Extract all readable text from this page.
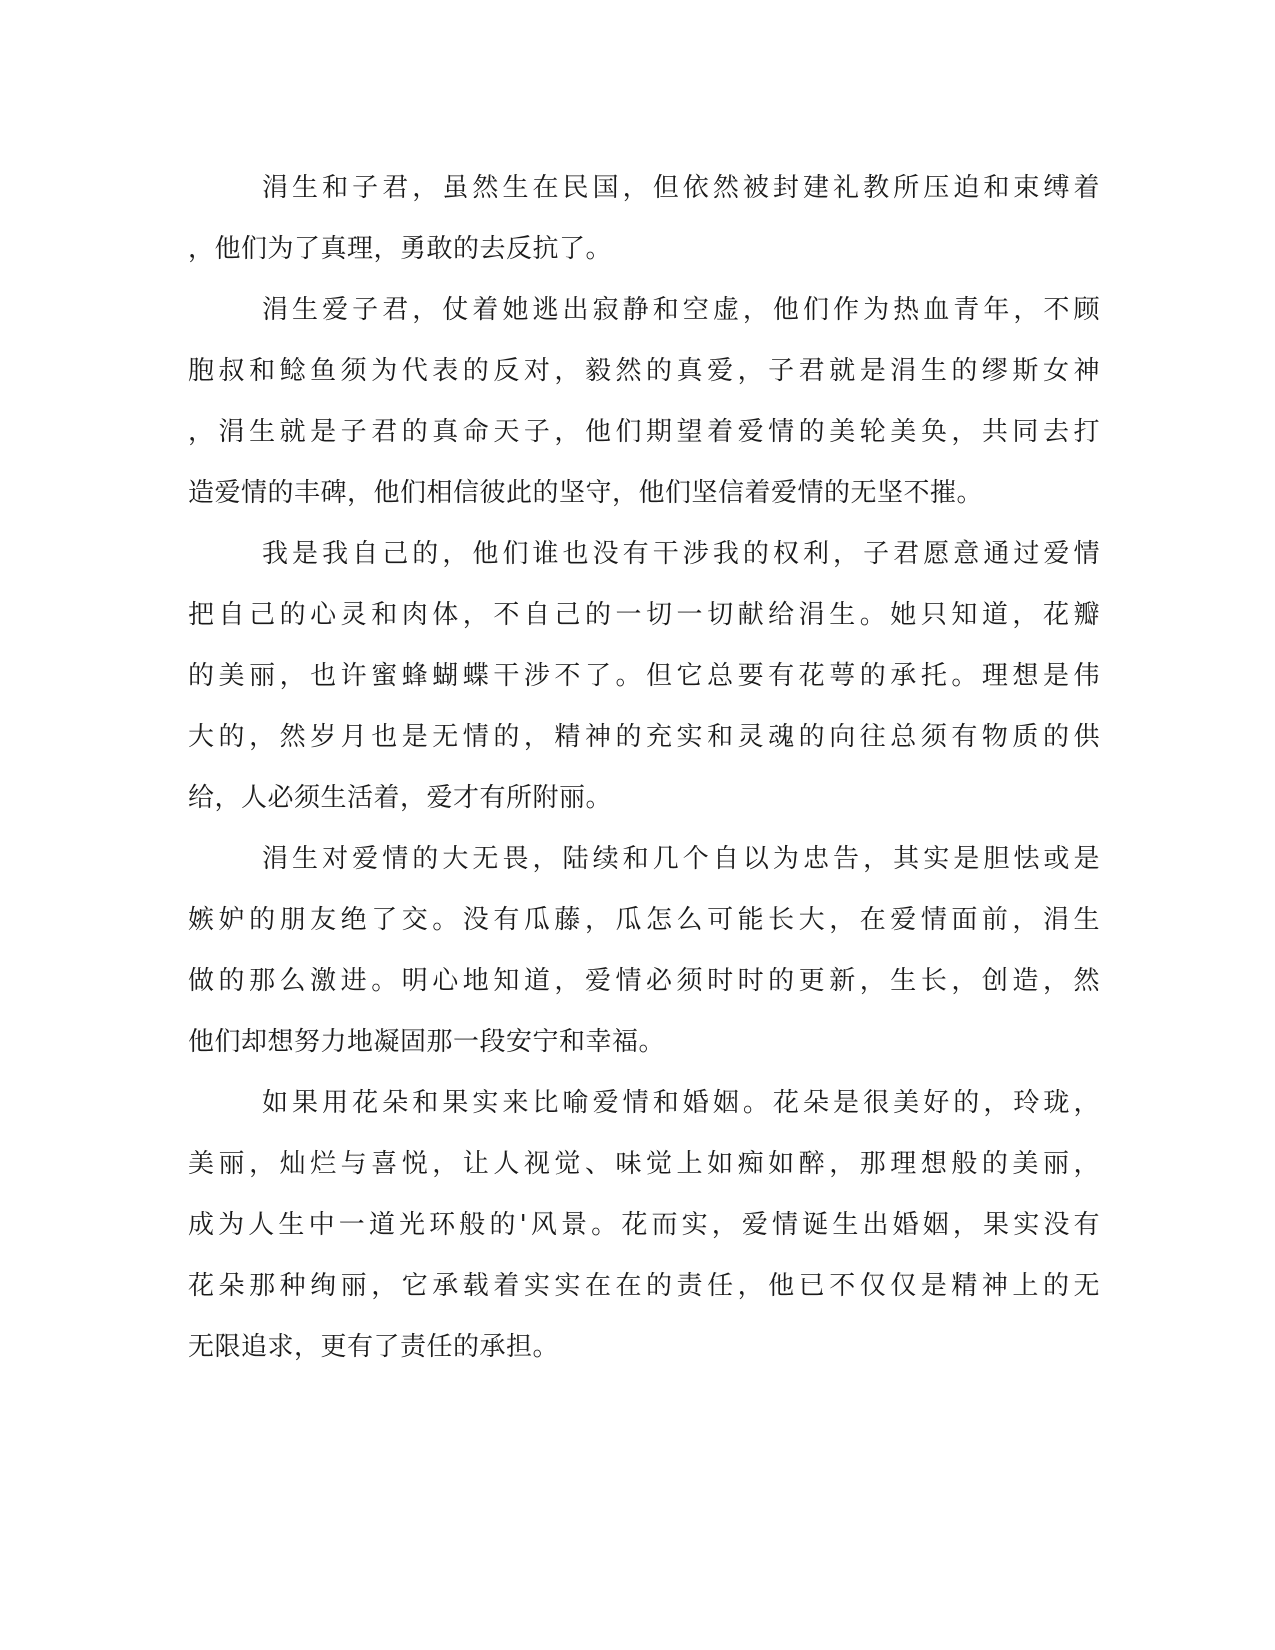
涓生和子君，虽然生在民国，但依然被封建礼教所压迫和束缚着
，他们为了真理，勇敢的去反抗了。
涓生爱子君，仗着她逃出寂静和空虚，他们作为热血青年，不顾
胞叔和鲶鱼须为代表的反对，毅然的真爱，子君就是涓生的缪斯女神
，涓生就是子君的真命天子，他们期望着爱情的美轮美奂，共同去打
造爱情的丰碑，他们相信彼此的坚守，他们坚信着爱情的无坚不摧。
我是我自己的，他们谁也没有干涉我的权利，子君愿意通过爱情
把自己的心灵和肉体，不自己的一切一切献给涓生。她只知道，花瓣
的美丽，也许蜜蜂蝴蝶干涉不了。但它总要有花萼的承托。理想是伟
大的，然岁月也是无情的，精神的充实和灵魂的向往总须有物质的供
给，人必须生活着，爱才有所附丽。
涓生对爱情的大无畏，陆续和几个自以为忠告，其实是胆怯或是
嫉妒的朋友绝了交。没有瓜藤，瓜怎么可能长大，在爱情面前，涓生
做的那么激进。明心地知道，爱情必须时时的更新，生长，创造，然
他们却想努力地凝固那一段安宁和幸福。
如果用花朵和果实来比喻爱情和婚姻。花朵是很美好的，玲珑，
美丽，灿烂与喜悦，让人视觉、味觉上如痴如醉，那理想般的美丽，
成为人生中一道光环般的'风景。花而实，爱情诞生出婚姻，果实没有
花朵那种绚丽，它承载着实实在在的责任，他已不仅仅是精神上的无
无限追求，更有了责任的承担。
